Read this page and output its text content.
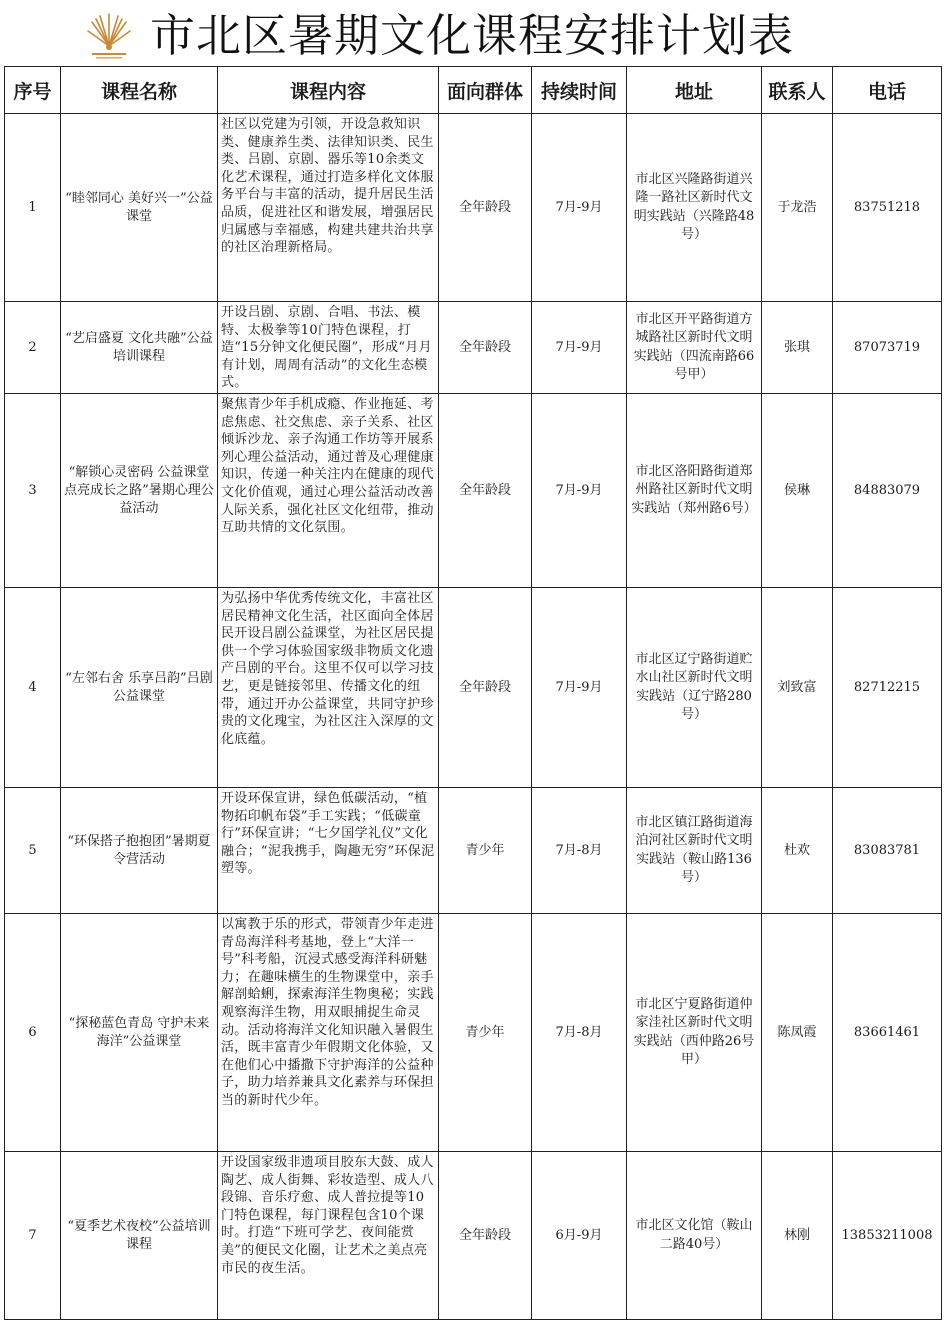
市北区暑期文化课程安排计划表
序号	课程名称	课程内容	面向群体	持续时间	地址	联系人	电话
1	“睦邻同心 美好兴一”公益课堂	社区以党建为引领，开设急救知识类、健康养生类、法律知识类、民生类、吕剧、京剧、器乐等10余类文化艺术课程，通过打造多样化文体服务平台与丰富的活动，提升居民生活品质，促进社区和谐发展，增强居民归属感与幸福感，构建共建共治共享的社区治理新格局。	全年龄段	7月-9月	市北区兴隆路街道兴隆一路社区新时代文明实践站（兴隆路48号）	于龙浩	83751218
2	“艺启盛夏 文化共融”公益培训课程	开设吕剧、京剧、合唱、书法、模特、太极拳等10门特色课程，打造“15分钟文化便民圈”，形成“月月有计划，周周有活动”的文化生态模式。	全年龄段	7月-9月	市北区开平路街道方城路社区新时代文明实践站（四流南路66号甲）	张琪	87073719
3	“解锁心灵密码 公益课堂点亮成长之路”暑期心理公益活动	聚焦青少年手机成瘾、作业拖延、考虑焦虑、社交焦虑、亲子关系、社区倾诉沙龙、亲子沟通工作坊等开展系列心理公益活动，通过普及心理健康知识，传递一种关注内在健康的现代文化价值观，通过心理公益活动改善人际关系，强化社区文化纽带，推动互助共情的文化氛围。	全年龄段	7月-9月	市北区洛阳路街道郑州路社区新时代文明实践站（郑州路6号）	侯琳	84883079
4	“左邻右舍 乐享吕韵”吕剧公益课堂	为弘扬中华优秀传统文化，丰富社区居民精神文化生活，社区面向全体居民开设吕剧公益课堂，为社区居民提供一个学习体验国家级非物质文化遗产吕剧的平台。这里不仅可以学习技艺，更是链接邻里、传播文化的纽带，通过开办公益课堂，共同守护珍贵的文化瑰宝，为社区注入深厚的文化底蕴。	全年龄段	7月-9月	市北区辽宁路街道贮水山社区新时代文明实践站（辽宁路280号）	刘致富	82712215
5	“环保搭子抱抱团”暑期夏令营活动	开设环保宣讲，绿色低碳活动，“植物拓印帆布袋”手工实践；“低碳童行”环保宣讲；“七夕国学礼仪”文化融合；“泥我携手，陶趣无穷”环保泥塑等。	青少年	7月-8月	市北区镇江路街道海泊河社区新时代文明实践站（鞍山路136号）	杜欢	83083781
6	“探秘蓝色青岛 守护未来海洋”公益课堂	以寓教于乐的形式，带领青少年走进青岛海洋科考基地，登上“大洋一号”科考船，沉浸式感受海洋科研魅力；在趣味横生的生物课堂中，亲手解剖蛤蜊，探索海洋生物奥秘；实践观察海洋生物，用双眼捕捉生命灵动。活动将海洋文化知识融入暑假生活，既丰富青少年假期文化体验，又在他们心中播撒下守护海洋的公益种子，助力培养兼具文化素养与环保担当的新时代少年。	青少年	7月-8月	市北区宁夏路街道仲家洼社区新时代文明实践站（西仲路26号甲）	陈凤霞	83661461
7	“夏季艺术夜校”公益培训课程	开设国家级非遗项目胶东大鼓、成人陶艺、成人街舞、彩妆造型、成人八段锦、音乐疗愈、成人普拉提等10门特色课程，每门课程包含10个课时。打造“下班可学艺、夜间能赏美”的便民文化圈，让艺术之美点亮市民的夜生活。	全年龄段	6月-9月	市北区文化馆（鞍山二路40号）	林刚	13853211008
